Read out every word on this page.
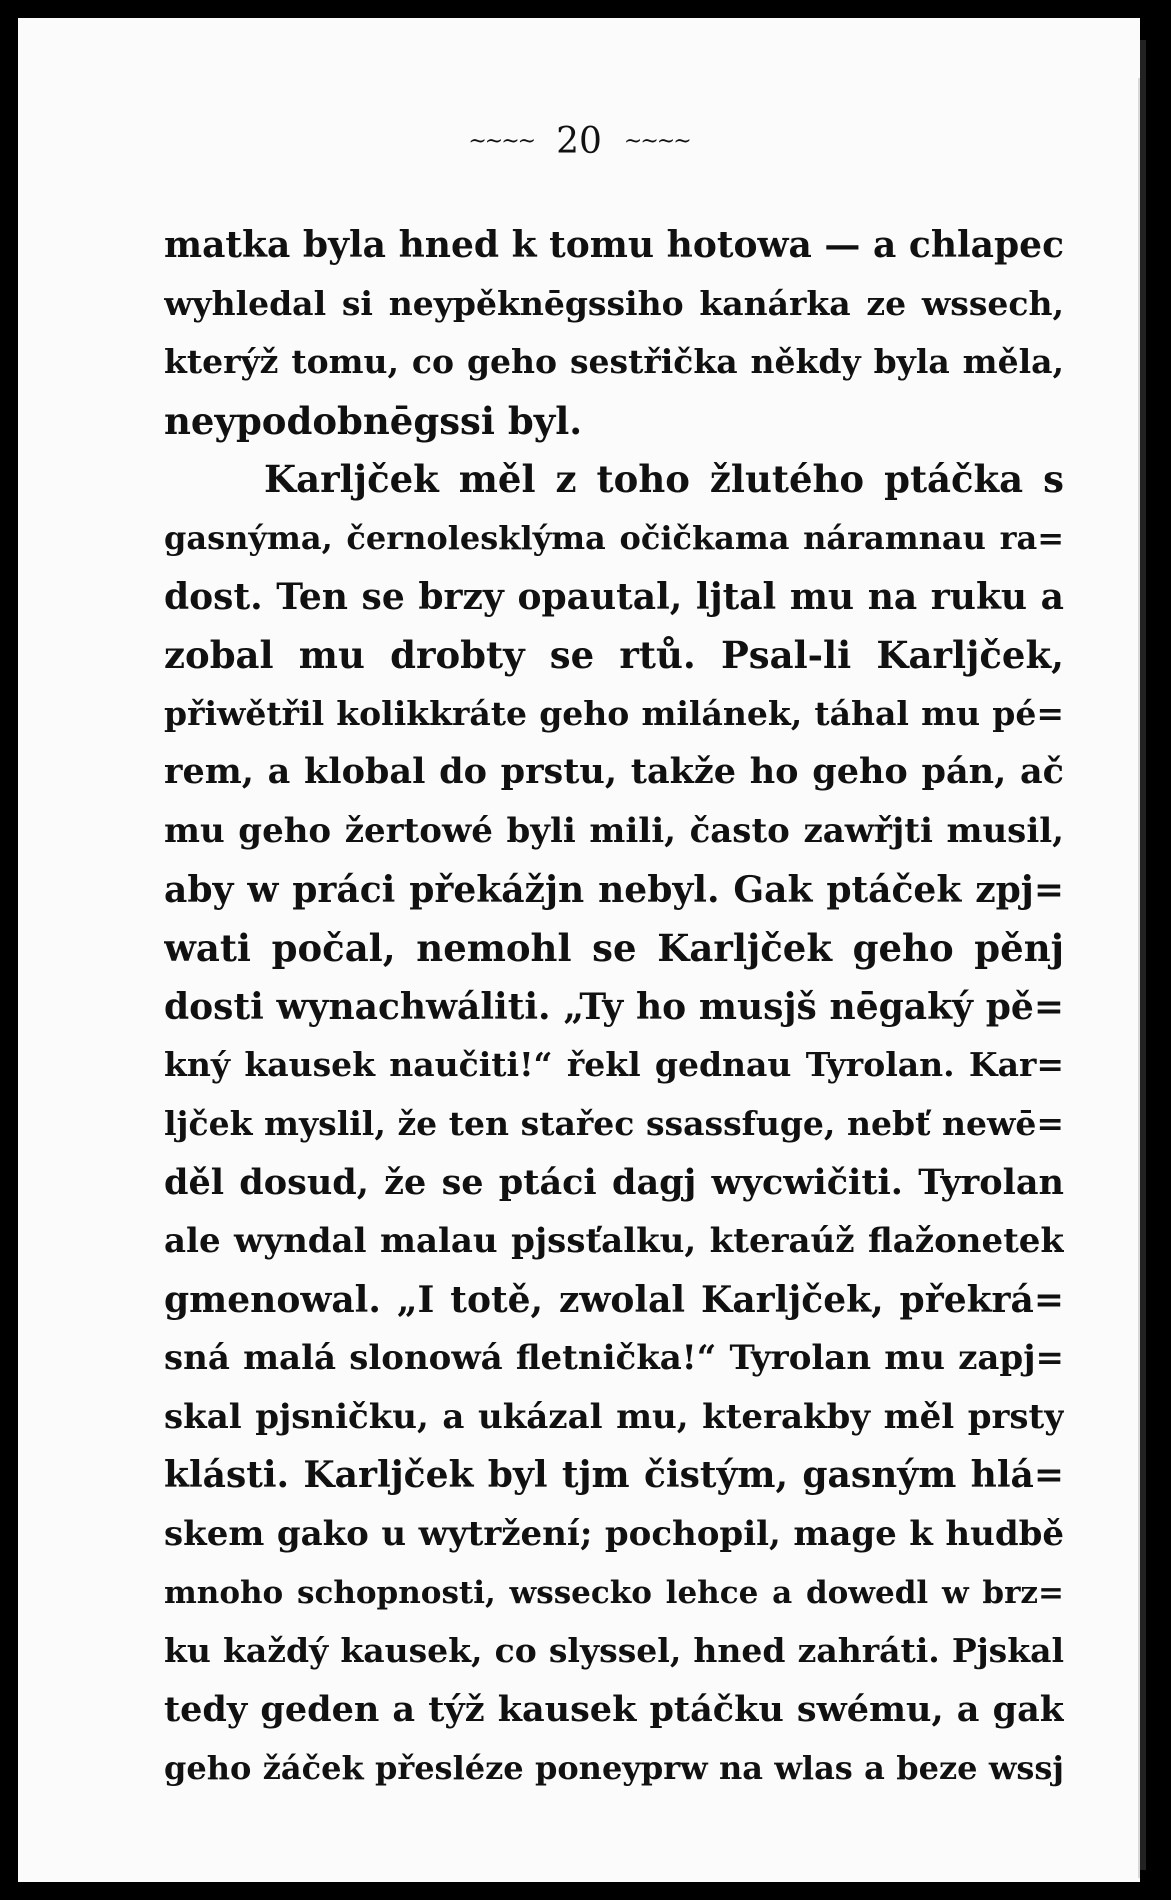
~~~~ 20 ~~~~
matka byla hned k tomu hotowa — a chlapec
wyhledal si neypěknēgssiho kanárka ze wssech,
kterýž tomu, co geho sestřička někdy byla měla,
neypodobnēgssi byl.
Karljček měl z toho žlutého ptáčka s
gasnýma, černolesklýma očičkama náramnau ra=
dost. Ten se brzy opautal, ljtal mu na ruku a
zobal mu drobty se rtů. Psal-li Karljček,
přiwětřil kolikkráte geho milánek, táhal mu pé=
rem, a klobal do prstu, takže ho geho pán, ač
mu geho žertowé byli mili, často zawřjti musil,
aby w práci překážjn nebyl. Gak ptáček zpj=
wati počal, nemohl se Karljček geho pěnj
dosti wynachwáliti. „Ty ho musjš nēgaký pě=
kný kausek naučiti!“ řekl gednau Tyrolan. Kar=
ljček myslil, že ten stařec ssassfuge, nebť newē=
děl dosud, že se ptáci dagj wycwičiti. Tyrolan
ale wyndal malau pjssťalku, kteraúž flažonetek
gmenowal. „I totě, zwolal Karljček, překrá=
sná malá slonowá fletnička!“ Tyrolan mu zapj=
skal pjsničku, a ukázal mu, kterakby měl prsty
klásti. Karljček byl tjm čistým, gasným hlá=
skem gako u wytržení; pochopil, mage k hudbě
mnoho schopnosti, wssecko lehce a dowedl w brz=
ku každý kausek, co slyssel, hned zahráti. Pjskal
tedy geden a týž kausek ptáčku swému, a gak
geho žáček přesléze poneyprw na wlas a beze wssj
